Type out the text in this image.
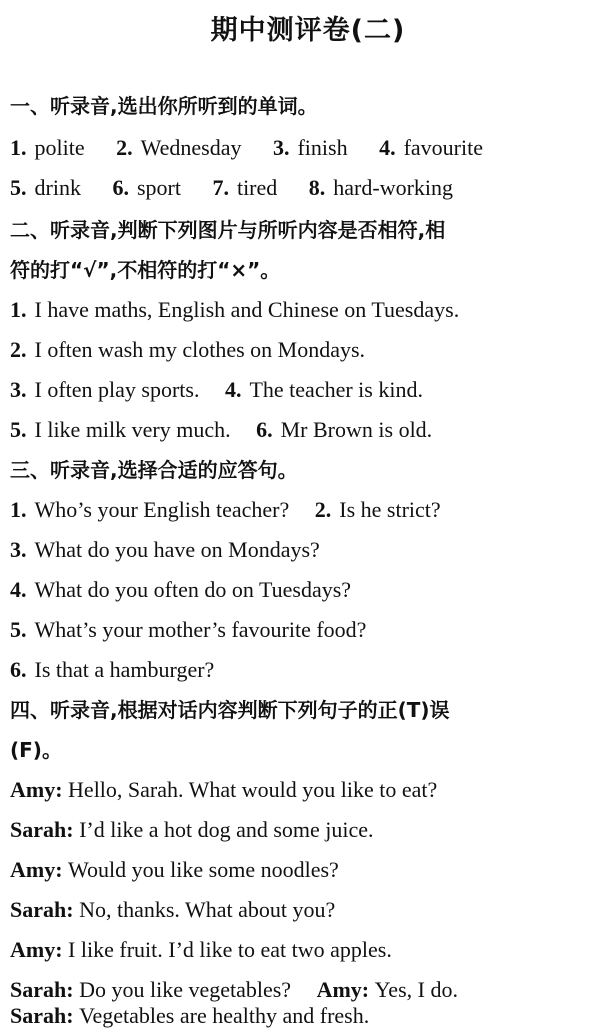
期中测评卷(二)
一、听录音,选出你所听到的单词。
1. polite 2. Wednesday 3. finish 4. favourite
5. drink 6. sport 7. tired 8. hard-working
二、听录音,判断下列图片与所听内容是否相符,相
符的打“√”,不相符的打“×”。
1. I have maths, English and Chinese on Tuesdays.
2. I often wash my clothes on Mondays.
3. I often play sports. 4. The teacher is kind.
5. I like milk very much. 6. Mr Brown is old.
三、听录音,选择合适的应答句。
1. Who’s your English teacher? 2. Is he strict?
3. What do you have on Mondays?
4. What do you often do on Tuesdays?
5. What’s your mother’s favourite food?
6. Is that a hamburger?
四、听录音,根据对话内容判断下列句子的正(T)误
(F)。
Amy: Hello, Sarah. What would you like to eat?
Sarah: I’d like a hot dog and some juice.
Amy: Would you like some noodles?
Sarah: No, thanks. What about you?
Amy: I like fruit. I’d like to eat two apples.
Sarah: Do you like vegetables? Amy: Yes, I do.
Sarah: Vegetables are healthy and fresh.
